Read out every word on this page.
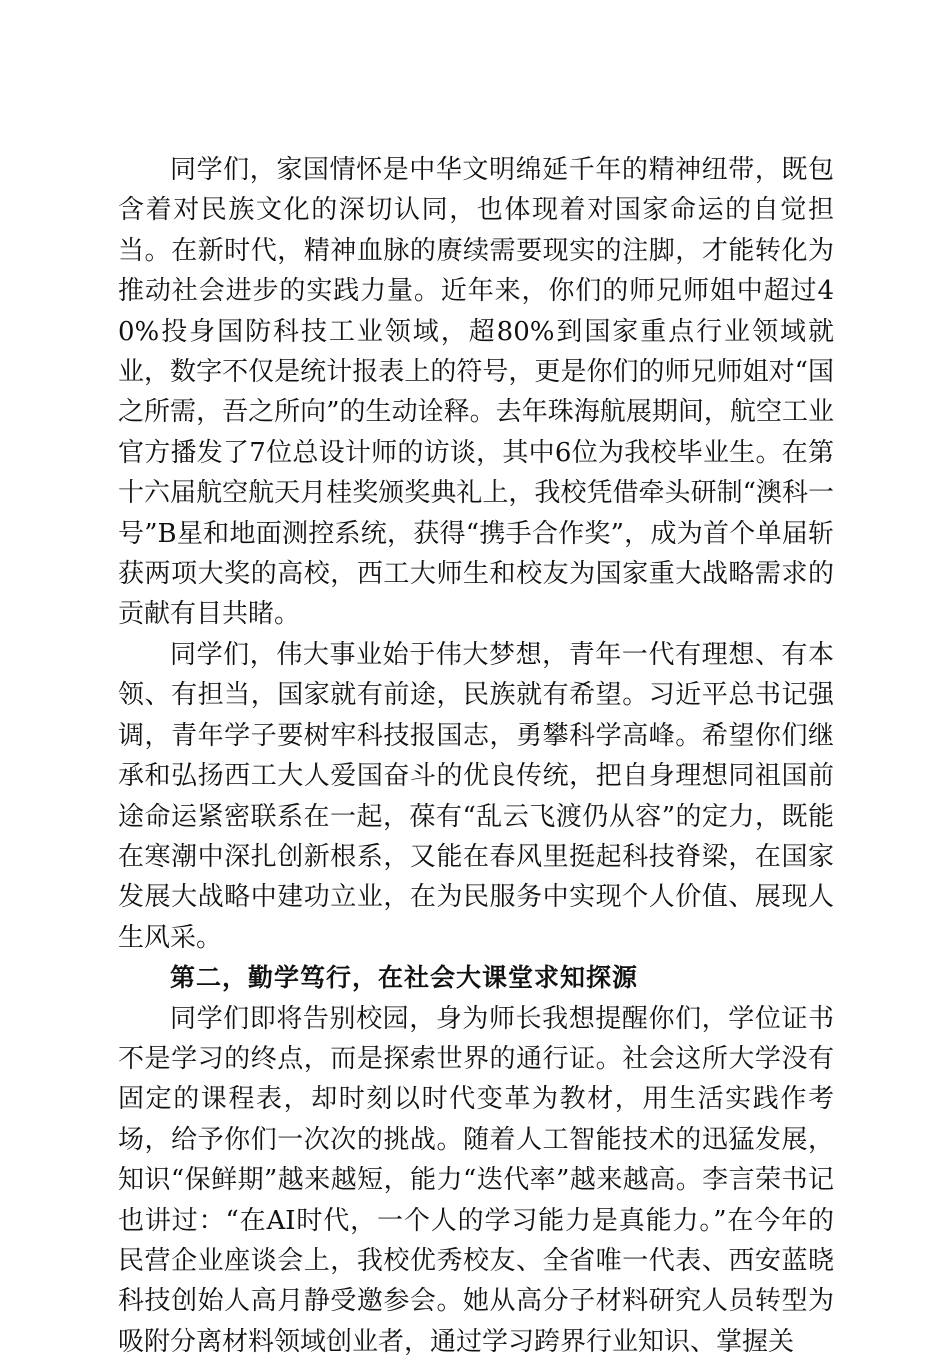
同学们，家国情怀是中华文明绵延千年的精神纽带，既包含着对民族文化的深切认同，也体现着对国家命运的自觉担当。在新时代，精神血脉的赓续需要现实的注脚，才能转化为推动社会进步的实践力量。近年来，你们的师兄师姐中超过40%投身国防科技工业领域，超80%到国家重点行业领域就业，数字不仅是统计报表上的符号，更是你们的师兄师姐对“国之所需，吾之所向”的生动诠释。去年珠海航展期间，航空工业官方播发了7位总设计师的访谈，其中6位为我校毕业生。在第十六届航空航天月桂奖颁奖典礼上，我校凭借牵头研制“澳科一号”B星和地面测控系统，获得“携手合作奖”，成为首个单届斩获两项大奖的高校，西工大师生和校友为国家重大战略需求的贡献有目共睹。

同学们，伟大事业始于伟大梦想，青年一代有理想、有本领、有担当，国家就有前途，民族就有希望。习近平总书记强调，青年学子要树牢科技报国志，勇攀科学高峰。希望你们继承和弘扬西工大人爱国奋斗的优良传统，把自身理想同祖国前途命运紧密联系在一起，葆有“乱云飞渡仍从容”的定力，既能在寒潮中深扎创新根系，又能在春风里挺起科技脊梁，在国家发展大战略中建功立业，在为民服务中实现个人价值、展现人生风采。

第二，勤学笃行，在社会大课堂求知探源

同学们即将告别校园，身为师长我想提醒你们，学位证书不是学习的终点，而是探索世界的通行证。社会这所大学没有固定的课程表，却时刻以时代变革为教材，用生活实践作考场，给予你们一次次的挑战。随着人工智能技术的迅猛发展，知识“保鲜期”越来越短，能力“迭代率”越来越高。李言荣书记也讲过：“在AI时代，一个人的学习能力是真能力。”在今年的民营企业座谈会上，我校优秀校友、全省唯一代表、西安蓝晓科技创始人高月静受邀参会。她从高分子材料研究人员转型为吸附分离材料领域创业者，通过学习跨界行业知识、掌握关
